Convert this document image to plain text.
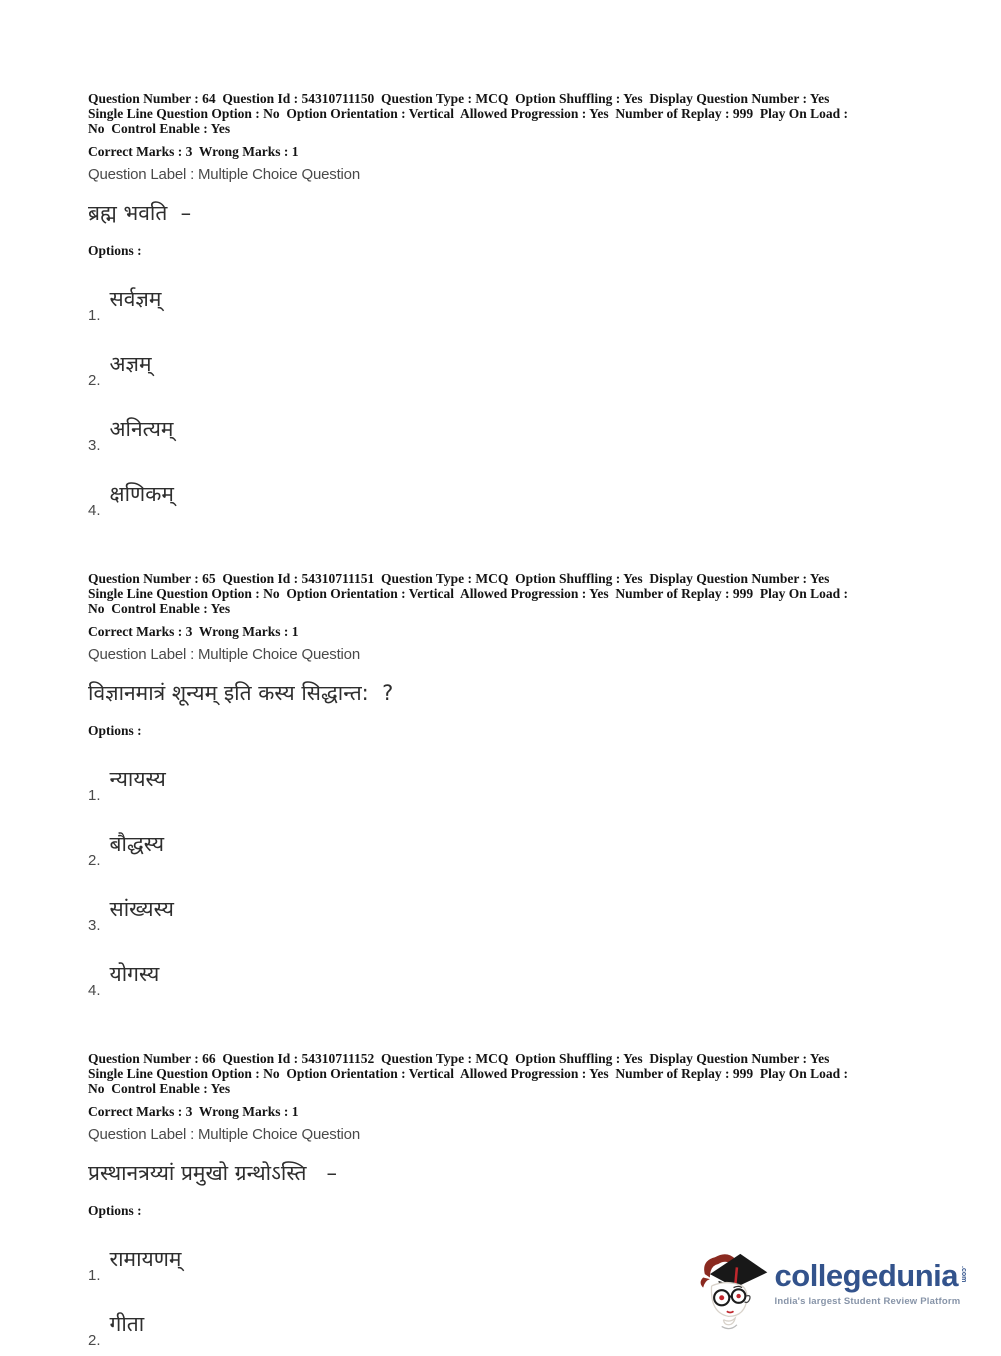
Question Number : 64  Question Id : 54310711150  Question Type : MCQ  Option Shuffling : Yes  Display Question Number : Yes
Single Line Question Option : No  Option Orientation : Vertical  Allowed Progression : Yes  Number of Replay : 999  Play On Load :
No  Control Enable : Yes
Correct Marks : 3  Wrong Marks : 1
Question Label : Multiple Choice Question
ब्रह्म भवति  –
Options :
1.
सर्वज्ञम्
2.
अज्ञम्
3.
अनित्यम्
4.
क्षणिकम्
Question Number : 65  Question Id : 54310711151  Question Type : MCQ  Option Shuffling : Yes  Display Question Number : Yes
Single Line Question Option : No  Option Orientation : Vertical  Allowed Progression : Yes  Number of Replay : 999  Play On Load :
No  Control Enable : Yes
Correct Marks : 3  Wrong Marks : 1
Question Label : Multiple Choice Question
विज्ञानमात्रं शून्यम् इति कस्य सिद्धान्त:  ?
Options :
1.
न्यायस्य
2.
बौद्धस्य
3.
सांख्यस्य
4.
योगस्य
Question Number : 66  Question Id : 54310711152  Question Type : MCQ  Option Shuffling : Yes  Display Question Number : Yes
Single Line Question Option : No  Option Orientation : Vertical  Allowed Progression : Yes  Number of Replay : 999  Play On Load :
No  Control Enable : Yes
Correct Marks : 3  Wrong Marks : 1
Question Label : Multiple Choice Question
प्रस्थानत्रय्यां प्रमुखो ग्रन्थोऽस्ति   –
Options :
1.
रामायणम्
2.
गीता
collegedunia .com
India's largest Student Review Platform
